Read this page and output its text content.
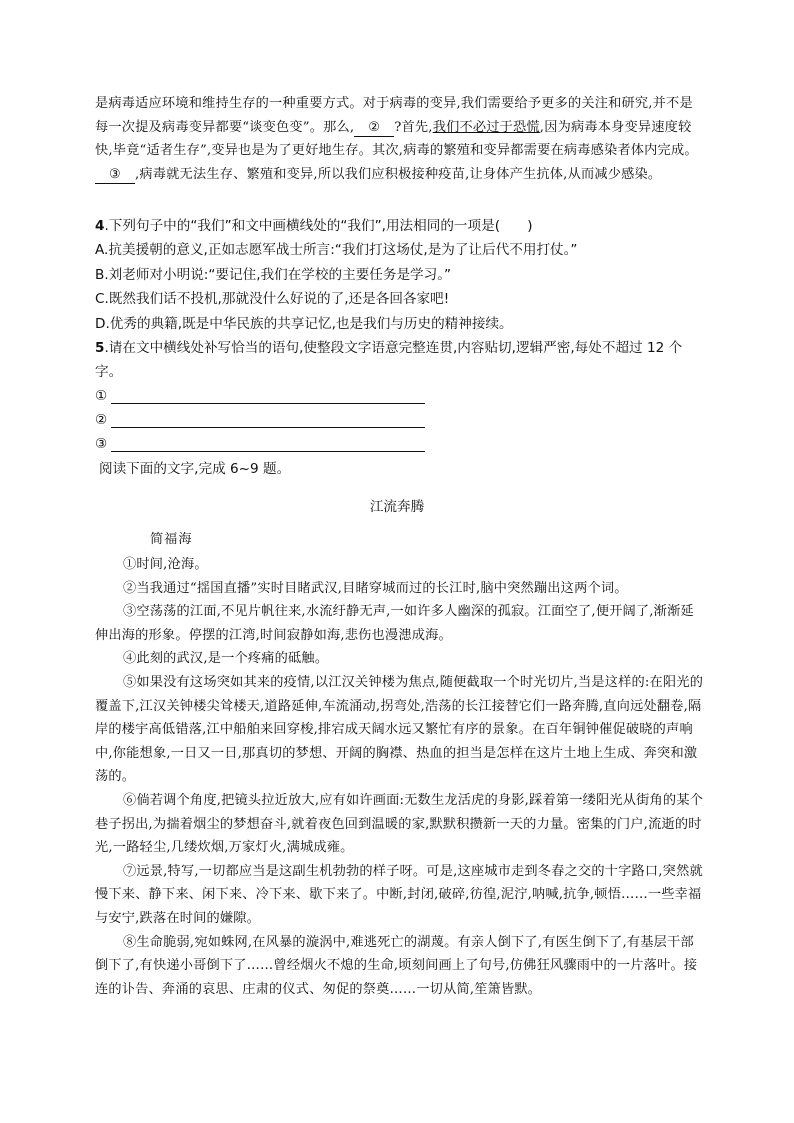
是病毒适应环境和维持生存的一种重要方式。对于病毒的变异,我们需要给予更多的关注和研究,并不是每一次提及病毒变异都要“谈变色变”。那么, ② ?首先,我们不必过于恐慌,因为病毒本身变异速度较快,毕竟“适者生存”,变异也是为了更好地生存。其次,病毒的繁殖和变异都需要在病毒感染者体内完成。③ ,病毒就无法生存、繁殖和变异,所以我们应积极接种疫苗,让身体产生抗体,从而减少感染。

4.下列句子中的“我们”和文中画横线处的“我们”,用法相同的一项是(　　)

A.抗美援朝的意义,正如志愿军战士所言:“我们打这场仗,是为了让后代不用打仗。”

B.刘老师对小明说:“要记住,我们在学校的主要任务是学习。”

C.既然我们话不投机,那就没什么好说的了,还是各回各家吧!

D.优秀的典籍,既是中华民族的共享记忆,也是我们与历史的精神接续。

5.请在文中横线处补写恰当的语句,使整段文字语意完整连贯,内容贴切,逻辑严密,每处不超过 12 个字。

①
②
③
阅读下面的文字,完成 6~9 题。
江流奔腾
简福海

①时间,沧海。

②当我通过“揺国直播”实时目睹武汉,目睹穿城而过的长江时,脑中突然蹦出这两个词。

③空荡荡的江面,不见片帆往来,水流纡静无声,一如许多人幽深的孤寂。江面空了,便开阔了,渐渐延伸出海的形象。停摆的江湾,时间寂静如海,悲伤也漫漶成海。

④此刻的武汉,是一个疼痛的砥触。

⑤如果没有这场突如其来的疫情,以江汉关钟楼为焦点,随便截取一个时光切片,当是这样的:在阳光的覆盖下,江汉关钟楼尖耸楼天,道路延伸,车流涌动,拐弯处,浩荡的长江接替它们一路奔腾,直向远处翻卷,隔岸的楼宇高低错落,江中船舶来回穿梭,排宕成天阔水远又繁忙有序的景象。在百年铜钟催促破晓的声响中,你能想象,一日又一日,那真切的梦想、开阔的胸襟、热血的担当是怎样在这片土地上生成、奔突和激荡的。

⑥倘若调个角度,把镜头拉近放大,应有如许画面:无数生龙活虎的身影,踩着第一缕阳光从街角的某个巷子拐出,为揣着烟尘的梦想奋斗,就着夜色回到温暖的家,默默积攒新一天的力量。密集的门户,流逝的时光,一路轻尘,几缕炊烟,万家灯火,满城成雍。

⑦远景,特写,一切都应当是这副生机勃勃的样子呀。可是,这座城市走到冬春之交的十字路口,突然就慢下来、静下来、闲下来、冷下来、歇下来了。中断,封闭,破碎,彷徨,泥泞,呐喊,抗争,顿悟……一些幸福与安宁,跌落在时间的嫌隙。

⑧生命脆弱,宛如蛛网,在风暴的漩涡中,难逃死亡的湖蔑。有亲人倒下了,有医生倒下了,有基层干部倒下了,有快递小哥倒下了……曾经烟火不熄的生命,顷刻间画上了句号,仿佛狂风骤雨中的一片落叶。接连的讣告、奔涌的哀思、庄肃的仪式、匆促的祭奠……一切从简,笙箫皆默。
